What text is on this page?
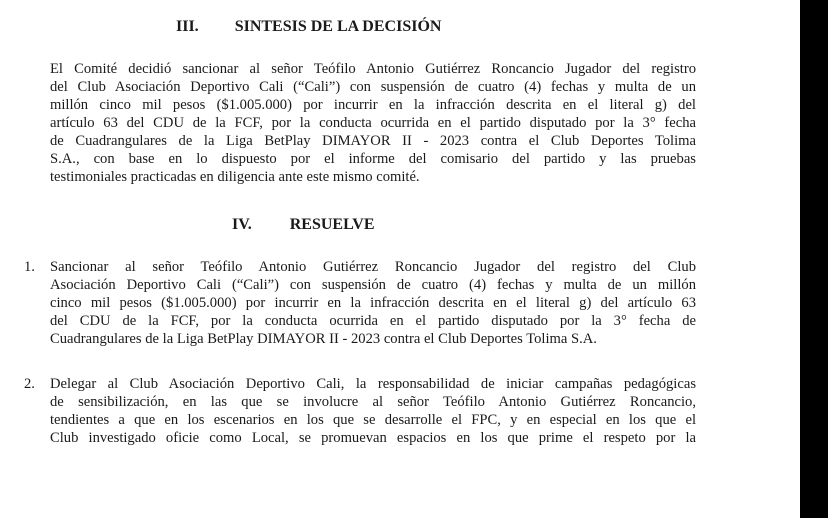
III. SINTESIS DE LA DECISIÓN
El Comité decidió sancionar al señor Teófilo Antonio Gutiérrez Roncancio Jugador del registro
del Club Asociación Deportivo Cali (“Cali”) con suspensión de cuatro (4) fechas y multa de un
millón cinco mil pesos ($1.005.000) por incurrir en la infracción descrita en el literal g) del
artículo 63 del CDU de la FCF, por la conducta ocurrida en el partido disputado por la 3° fecha
de Cuadrangulares de la Liga BetPlay DIMAYOR II - 2023 contra el Club Deportes Tolima
S.A., con base en lo dispuesto por el informe del comisario del partido y las pruebas
testimoniales practicadas en diligencia ante este mismo comité.
IV. RESUELVE
1. Sancionar al señor Teófilo Antonio Gutiérrez Roncancio Jugador del registro del Club
Asociación Deportivo Cali (“Cali”) con suspensión de cuatro (4) fechas y multa de un millón
cinco mil pesos ($1.005.000) por incurrir en la infracción descrita en el literal g) del artículo 63
del CDU de la FCF, por la conducta ocurrida en el partido disputado por la 3° fecha de
Cuadrangulares de la Liga BetPlay DIMAYOR II - 2023 contra el Club Deportes Tolima S.A.
2. Delegar al Club Asociación Deportivo Cali, la responsabilidad de iniciar campañas pedagógicas
de sensibilización, en las que se involucre al señor Teófilo Antonio Gutiérrez Roncancio,
tendientes a que en los escenarios en los que se desarrolle el FPC, y en especial en los que el
Club investigado oficie como Local, se promuevan espacios en los que prime el respeto por la
